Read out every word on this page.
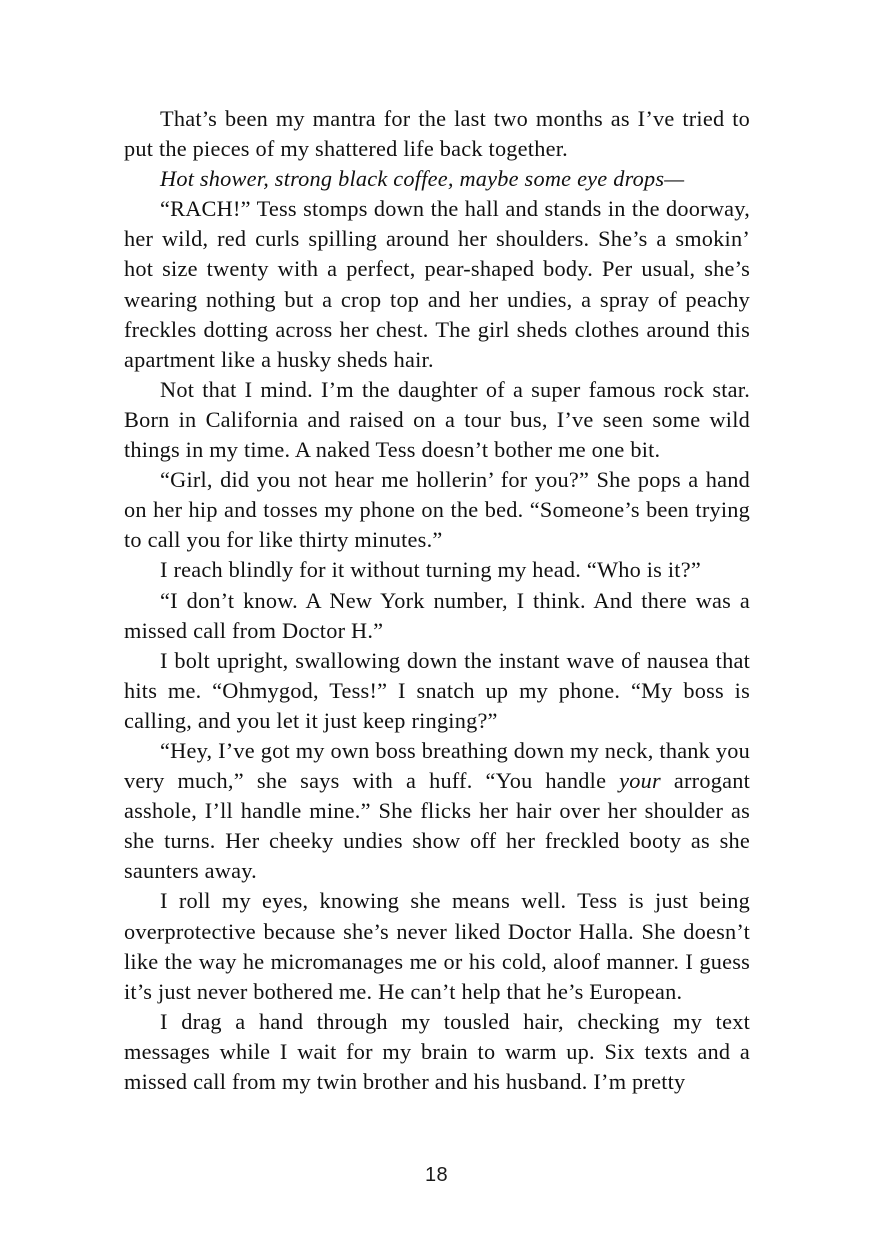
That’s been my mantra for the last two months as I’ve tried to put the pieces of my shattered life back together.

Hot shower, strong black coffee, maybe some eye drops—

“RACH!” Tess stomps down the hall and stands in the doorway, her wild, red curls spilling around her shoulders. She’s a smokin’ hot size twenty with a perfect, pear-shaped body. Per usual, she’s wearing nothing but a crop top and her undies, a spray of peachy freckles dotting across her chest. The girl sheds clothes around this apartment like a husky sheds hair.

Not that I mind. I’m the daughter of a super famous rock star. Born in California and raised on a tour bus, I’ve seen some wild things in my time. A naked Tess doesn’t bother me one bit.

“Girl, did you not hear me hollerin’ for you?” She pops a hand on her hip and tosses my phone on the bed. “Someone’s been trying to call you for like thirty minutes.”

I reach blindly for it without turning my head. “Who is it?”

“I don’t know. A New York number, I think. And there was a missed call from Doctor H.”

I bolt upright, swallowing down the instant wave of nausea that hits me. “Ohmygod, Tess!” I snatch up my phone. “My boss is calling, and you let it just keep ringing?”

“Hey, I’ve got my own boss breathing down my neck, thank you very much,” she says with a huff. “You handle your arrogant asshole, I’ll handle mine.” She flicks her hair over her shoulder as she turns. Her cheeky undies show off her freckled booty as she saunters away.

I roll my eyes, knowing she means well. Tess is just being overprotective because she’s never liked Doctor Halla. She doesn’t like the way he micromanages me or his cold, aloof manner. I guess it’s just never bothered me. He can’t help that he’s European.

I drag a hand through my tousled hair, checking my text messages while I wait for my brain to warm up. Six texts and a missed call from my twin brother and his husband. I’m pretty

18
